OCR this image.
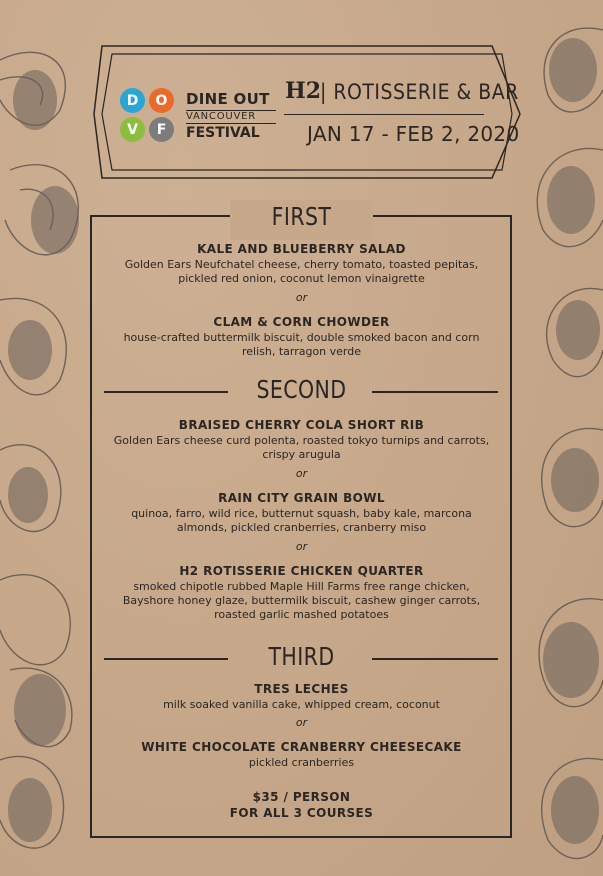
D	O
V	F
DINE OUT
VANCOUVER
FESTIVAL
H2
| ROTISSERIE & BAR
JAN 17 - FEB 2, 2020
FIRST
KALE AND BLUEBERRY SALAD
Golden Ears Neufchatel cheese, cherry tomato, toasted pepitas,
pickled red onion, coconut lemon vinaigrette
or
CLAM & CORN CHOWDER
house-crafted buttermilk biscuit, double smoked bacon and corn
relish, tarragon verde
SECOND
BRAISED CHERRY COLA SHORT RIB
Golden Ears cheese curd polenta, roasted tokyo turnips and carrots,
crispy arugula
or
RAIN CITY GRAIN BOWL
quinoa, farro, wild rice, butternut squash, baby kale, marcona
almonds, pickled cranberries, cranberry miso
or
H2 ROTISSERIE CHICKEN QUARTER
smoked chipotle rubbed Maple Hill Farms free range chicken,
Bayshore honey glaze, buttermilk biscuit, cashew ginger carrots,
roasted garlic mashed potatoes
THIRD
TRES LECHES
milk soaked vanilla cake, whipped cream, coconut
or
WHITE CHOCOLATE CRANBERRY CHEESECAKE
pickled cranberries
$35 / PERSON
FOR ALL 3 COURSES
